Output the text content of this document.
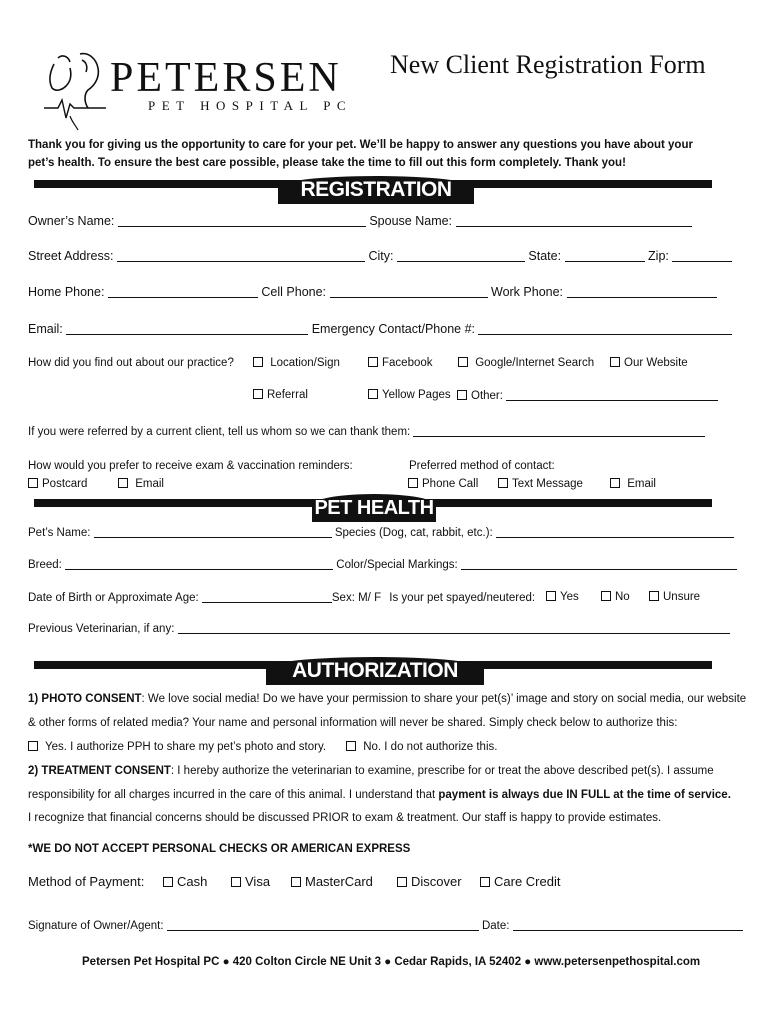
PETERSEN
PET HOSPITAL PC
New Client Registration Form
Thank you for giving us the opportunity to care for your pet. We’ll be happy to answer any questions you have about your
pet’s health. To ensure the best care possible, please take the time to fill out this form completely. Thank you!
REGISTRATION
Owner’s Name:	Spouse Name:
Street Address:	City:	State:	Zip:
Home Phone:	Cell Phone:	Work Phone:
Email:	Emergency Contact/Phone #:
How did you find out about our practice?	Location/Sign	Facebook	Google/Internet Search	Our Website
Referral	Yellow Pages	Other:
If you were referred by a current client, tell us whom so we can thank them:
How would you prefer to receive exam & vaccination reminders:
Postcard	Email
Preferred method of contact:
Phone Call	Text Message	Email
PET HEALTH
Pet’s Name:	Species (Dog, cat, rabbit, etc.):
Breed:	Color/Special Markings:
Date of Birth or Approximate Age:	Sex: M/ F Is your pet spayed/neutered:	Yes	No	Unsure
Previous Veterinarian, if any:
AUTHORIZATION
1) PHOTO CONSENT: We love social media! Do we have your permission to share your pet(s)’ image and story on social media, our website
& other forms of related media? Your name and personal information will never be shared. Simply check below to authorize this:
Yes. I authorize PPH to share my pet’s photo and story.	No. I do not authorize this.
2) TREATMENT CONSENT: I hereby authorize the veterinarian to examine, prescribe for or treat the above described pet(s). I assume
responsibility for all charges incurred in the care of this animal. I understand that payment is always due IN FULL at the time of service.
I recognize that financial concerns should be discussed PRIOR to exam & treatment. Our staff is happy to provide estimates.
*WE DO NOT ACCEPT PERSONAL CHECKS OR AMERICAN EXPRESS
Method of Payment:	Cash	Visa	MasterCard	Discover	Care Credit
Signature of Owner/Agent:	Date:
Petersen Pet Hospital PC ● 420 Colton Circle NE Unit 3 ● Cedar Rapids, IA 52402 ● www.petersenpethospital.com
